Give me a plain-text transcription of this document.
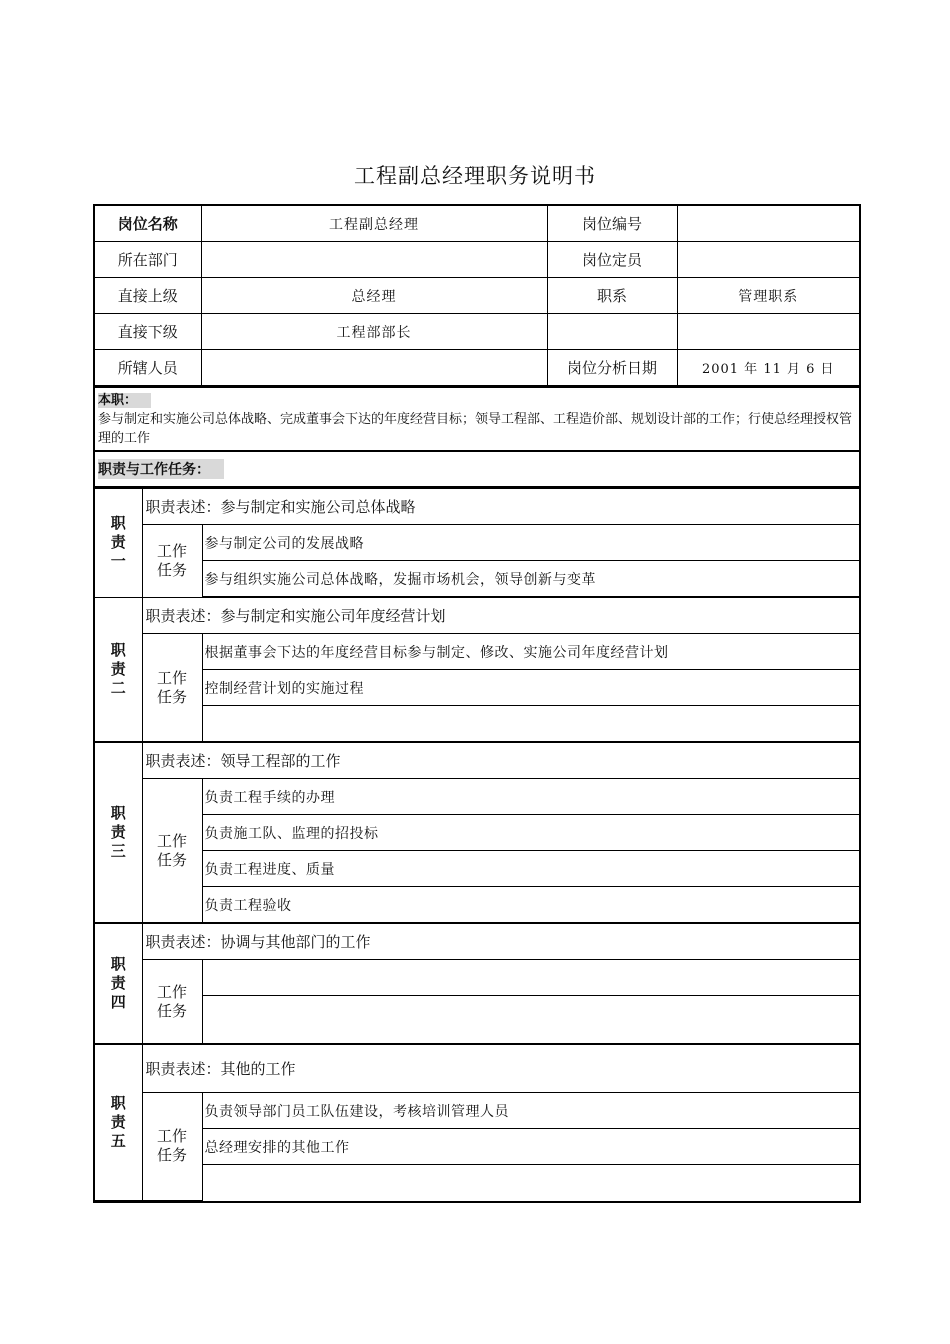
工程副总经理职务说明书
岗位名称	工程副总经理	岗位编号	
所在部门		岗位定员	
直接上级	总经理	职系	管理职系
直接下级	工程部部长		
所辖人员		岗位分析日期	2001 年 11 月 6 日
本职：
参与制定和实施公司总体战略、完成董事会下达的年度经营目标；领导工程部、工程造价部、规划设计部的工作；行使总经理授权管理的工作
职责与工作任务：
职责一	职责表述：参与制定和实施公司总体战略	
	工作任务	参与制定公司的发展战略
		参与组织实施公司总体战略，发掘市场机会，领导创新与变革
职责二	职责表述：参与制定和实施公司年度经营计划	
	工作任务	根据董事会下达的年度经营目标参与制定、修改、实施公司年度经营计划
		控制经营计划的实施过程

职责三	职责表述：领导工程部的工作	
	工作任务	负责工程手续的办理
		负责施工队、监理的招投标
		负责工程进度、质量
		负责工程验收
职责四	职责表述：协调与其他部门的工作	
	工作任务	

职责五	职责表述：其他的工作	
	工作任务	负责领导部门员工队伍建设，考核培训管理人员
		总经理安排的其他工作
